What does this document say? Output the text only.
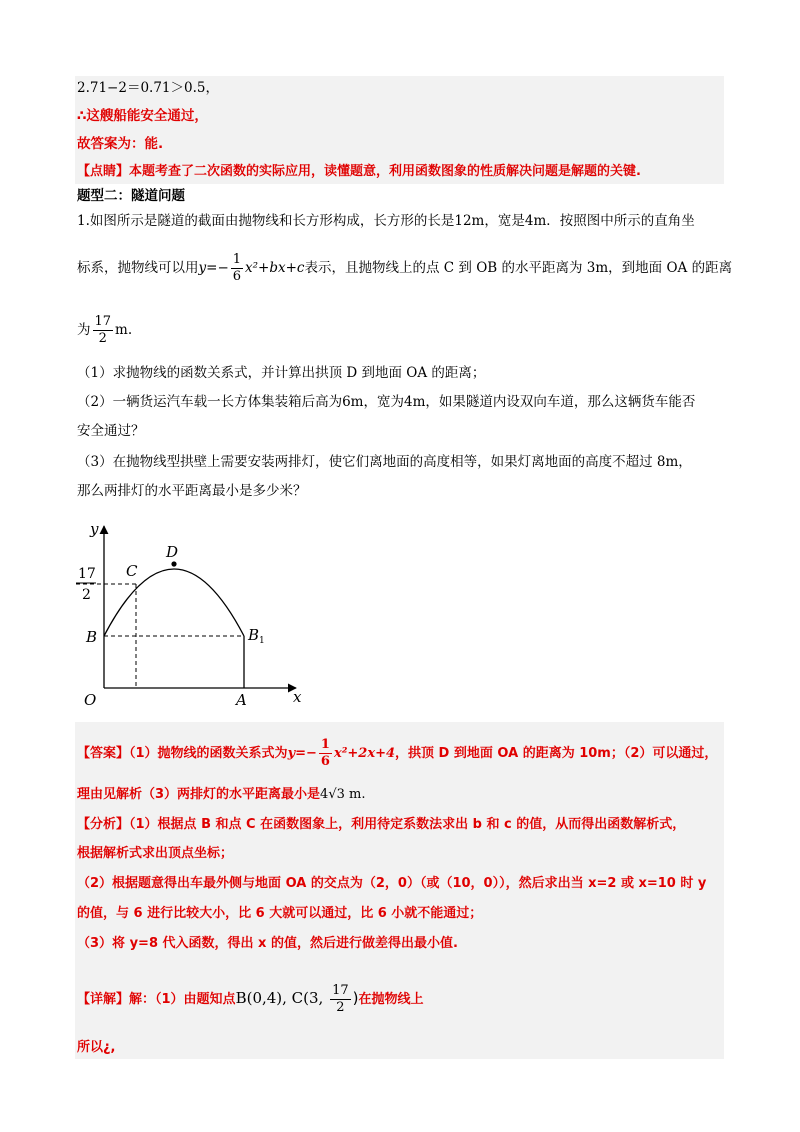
2.71−2＝0.71＞0.5，
∴这艘船能安全通过，
故答案为：能.
【点睛】本题考查了二次函数的实际应用，读懂题意，利用函数图象的性质解决问题是解题的关键.
题型二：隧道问题
1.如图所示是隧道的截面由抛物线和长方形构成，长方形的长是12m，宽是4m．按照图中所示的直角坐
标系，抛物线可以用$y=- \frac{1}{6} x^2+bx+c$表示，且抛物线上的点 C 到 OB 的水平距离为 3m，到地面 OA 的距离
为 $\frac{17}{2} m$.
（1）求抛物线的函数关系式，并计算出拱顶 D 到地面 OA 的距离；
（2）一辆货运汽车载一长方体集装箱后高为6m，宽为4m，如果隧道内设双向车道，那么这辆货车能否
安全通过？
（3）在抛物线型拱壁上需要安装两排灯，使它们离地面的高度相等，如果灯离地面的高度不超过 8m，
那么两排灯的水平距离最小是多少米？
y
x
O	A
B	$B_1$
C
D
17
2
【答案】（1）抛物线的函数关系式为$y=- \frac{1}{6} x^2+2x+4$，拱顶 D 到地面 OA 的距离为 10m；（2）可以通过，
理由见解析（3）两排灯的水平距离最小是4√3 m.
【分析】（1）根据点 B 和点 C 在函数图象上，利用待定系数法求出 b 和 c 的值，从而得出函数解析式，
根据解析式求出顶点坐标；
（2）根据题意得出车最外侧与地面 OA 的交点为（2，0）（或（10，0）），然后求出当 x=2 或 x=10 时 y
的值，与 6 进行比较大小，比 6 大就可以通过，比 6 小就不能通过；
（3）将 y=8 代入函数，得出 x 的值，然后进行做差得出最小值.
【详解】解：（1）由题知点B(0,4), C(3, $\frac{17}{2}$ )在抛物线上
所以¿,
